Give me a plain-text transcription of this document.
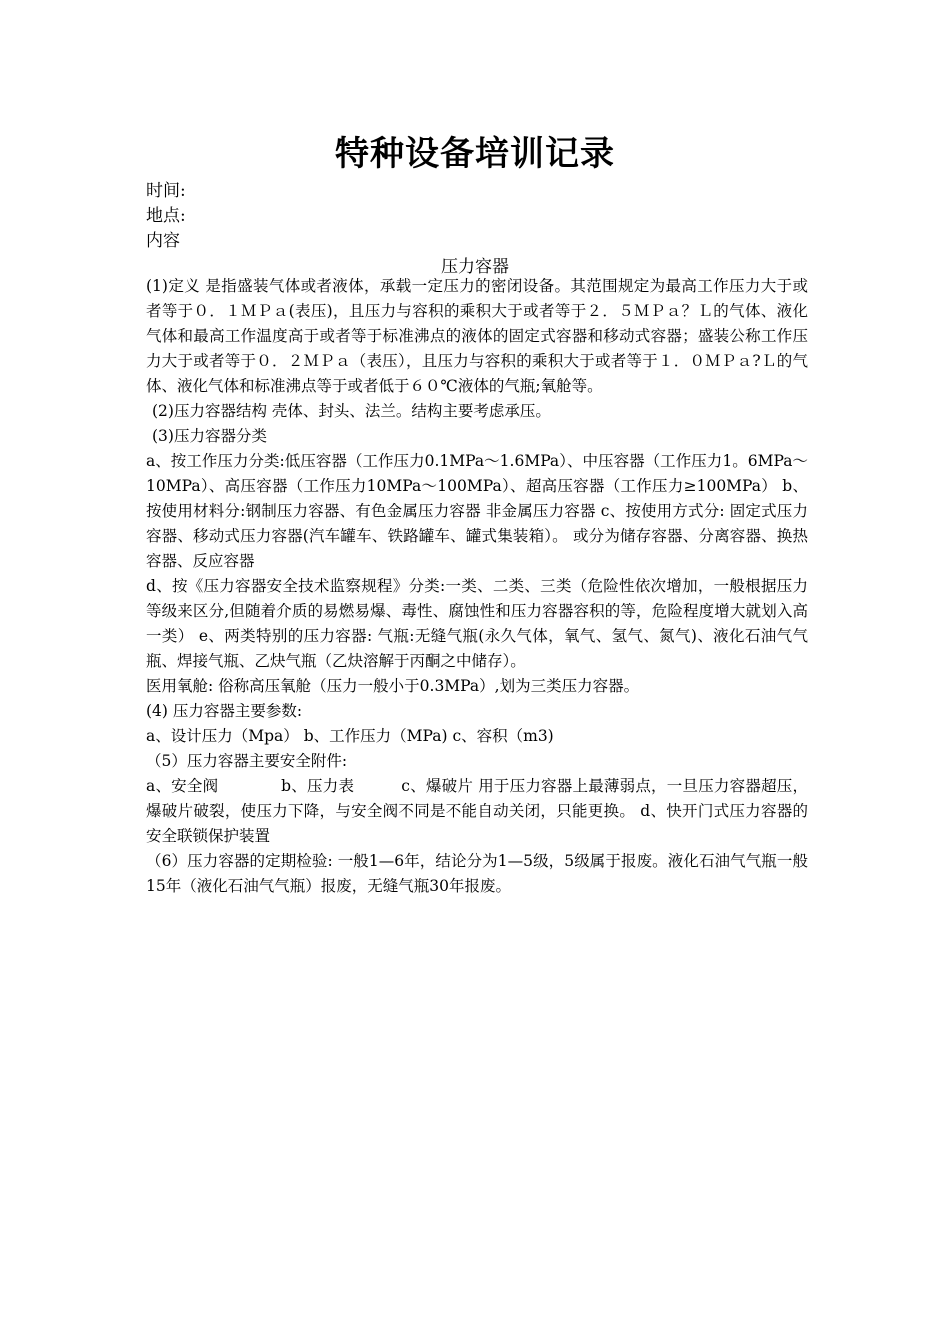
特种设备培训记录
时间:
地点:
内容
压力容器

(1)定义 是指盛装气体或者液体，承载一定压力的密闭设备。其范围规定为最高工作压力大于或者等于０．１ＭＰａ(表压)，且压力与容积的乘积大于或者等于２．５ＭＰａ？Ｌ的气体、液化气体和最高工作温度高于或者等于标准沸点的液体的固定式容器和移动式容器；盛装公称工作压力大于或者等于０．２ＭＰａ（表压），且压力与容积的乘积大于或者等于１．０ＭＰａ?Ｌ的气体、液化气体和标准沸点等于或者低于６０℃液体的气瓶;氧舱等。

(2)压力容器结构 壳体、封头、法兰。结构主要考虑承压。

(3)压力容器分类

a、按工作压力分类:低压容器（工作压力0.1MPa～1.6MPa）、中压容器（工作压力1。6MPa～10MPa）、高压容器（工作压力10MPa～100MPa）、超高压容器（工作压力≥100MPa） b、按使用材料分:钢制压力容器、有色金属压力容器 非金属压力容器 c、按使用方式分: 固定式压力容器、移动式压力容器(汽车罐车、铁路罐车、罐式集装箱）。 或分为储存容器、分离容器、换热容器、反应容器

d、按《压力容器安全技术监察规程》分类:一类、二类、三类（危险性依次增加，一般根据压力等级来区分,但随着介质的易燃易爆、毒性、腐蚀性和压力容器容积的等，危险程度增大就划入高一类） e、两类特别的压力容器: 气瓶:无缝气瓶(永久气体，氧气、氢气、氮气)、液化石油气气瓶、焊接气瓶、乙炔气瓶（乙炔溶解于丙酮之中储存）。

医用氧舱: 俗称高压氧舱（压力一般小于0.3MPa）,划为三类压力容器。

(4) 压力容器主要参数:

a、设计压力（Mpa） b、工作压力（MPa) c、容积（m3)

（5）压力容器主要安全附件:

a、安全阀　　　　b、压力表　　　c、爆破片 用于压力容器上最薄弱点，一旦压力容器超压，爆破片破裂，使压力下降，与安全阀不同是不能自动关闭，只能更换。 d、快开门式压力容器的安全联锁保护装置

（6）压力容器的定期检验: 一般1—6年，结论分为1—5级，5级属于报废。液化石油气气瓶一般15年（液化石油气气瓶）报废，无缝气瓶30年报废。
